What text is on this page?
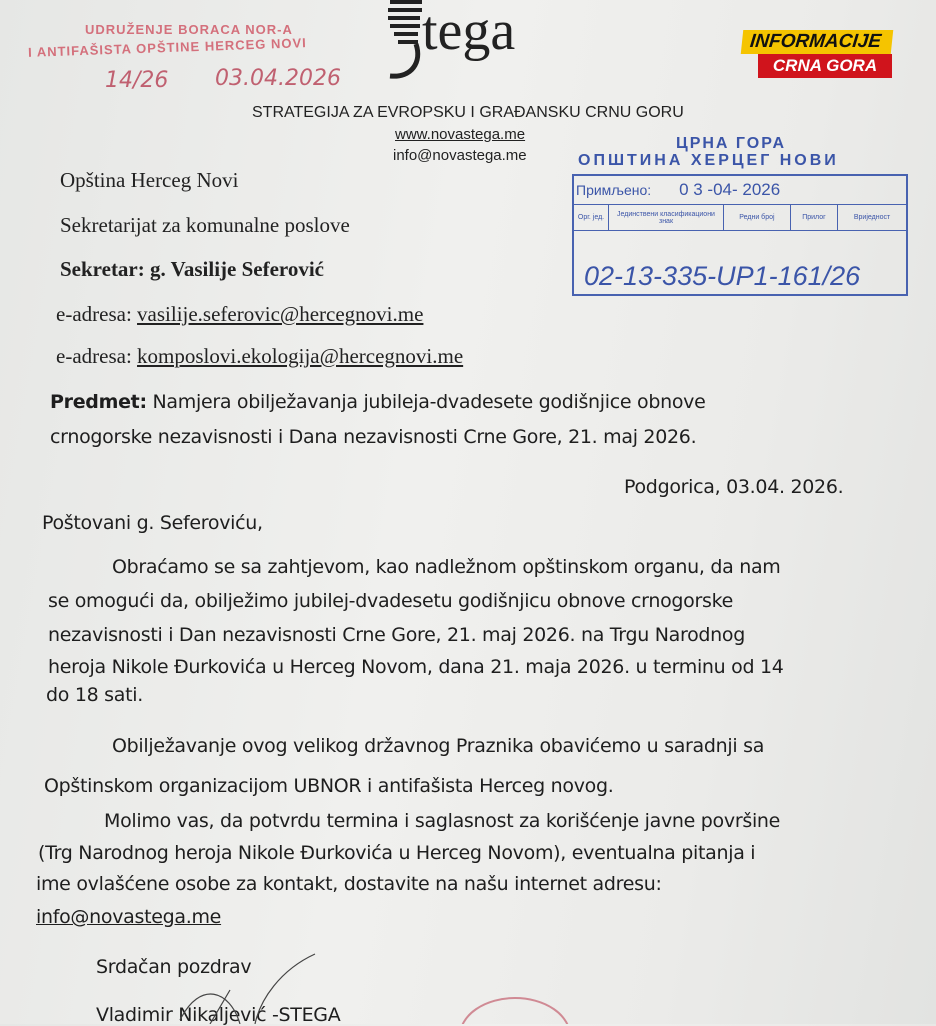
UDRUŽENJE BORACA NOR-A
I ANTIFAŠISTA OPŠTINE HERCEG NOVI
14/26 03.04.2026
tega
STRATEGIJA ZA EVROPSKU I GRAĐANSKU CRNU GORU
www.novastega.me
info@novastega.me
INFORMACIJE
CRNA GORA
ЦРНА ГОРА
ОПШТИНА ХЕРЦЕГ НОВИ
Примљено: 0 3 -04- 2026
Орг. јед.	Јединствени класификациони знак	Редни број	Прилог	Вриједност
02-13-335-UP1-161/26
Opština Herceg Novi
Sekretarijat za komunalne poslove
Sekretar: g. Vasilije Seferović
e-adresa: vasilije.seferovic@hercegnovi.me
e-adresa: komposlovi.ekologija@hercegnovi.me
Predmet: Namjera obilježavanja jubileja-dvadesete godišnjice obnove
crnogorske nezavisnosti i Dana nezavisnosti Crne Gore, 21. maj 2026.
Podgorica, 03.04. 2026.
Poštovani g. Seferoviću,
Obraćamo se sa zahtjevom, kao nadležnom opštinskom organu, da nam
se omogući da, obilježimo jubilej-dvadesetu godišnjicu obnove crnogorske
nezavisnosti i Dan nezavisnosti Crne Gore, 21. maj 2026. na Trgu Narodnog
heroja Nikole Đurkovića u Herceg Novom, dana 21. maja 2026. u terminu od 14
do 18 sati.
Obilježavanje ovog velikog državnog Praznika obavićemo u saradnji sa
Opštinskom organizacijom UBNOR i antifašista Herceg novog.
Molimo vas, da potvrdu termina i saglasnost za korišćenje javne površine
(Trg Narodnog heroja Nikole Đurkovića u Herceg Novom), eventualna pitanja i
ime ovlašćene osobe za kontakt, dostavite na našu internet adresu:
info@novastega.me
Srdačan pozdrav
Vladimir Nikaljević -STEGA
